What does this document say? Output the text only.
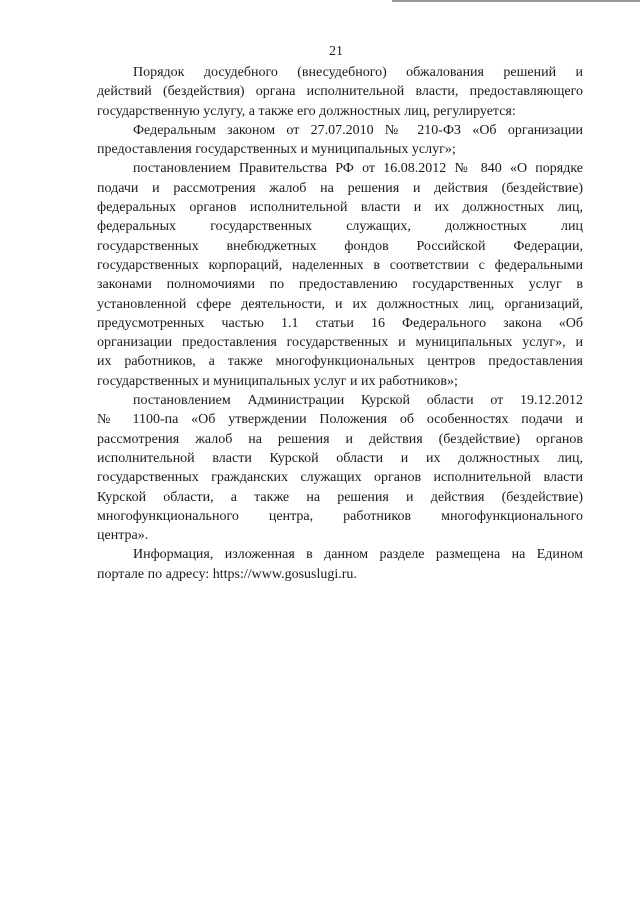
21
Порядок досудебного (внесудебного) обжалования решений и
действий (бездействия) органа исполнительной власти, предоставляющего
государственную услугу, а также его должностных лиц, регулируется:
Федеральным законом от 27.07.2010 № 210-ФЗ «Об организации
предоставления государственных и муниципальных услуг»;
постановлением Правительства РФ от 16.08.2012 № 840 «О порядке
подачи и рассмотрения жалоб на решения и действия (бездействие)
федеральных органов исполнительной власти и их должностных лиц,
федеральных государственных служащих, должностных лиц
государственных внебюджетных фондов Российской Федерации,
государственных корпораций, наделенных в соответствии с федеральными
законами полномочиями по предоставлению государственных услуг в
установленной сфере деятельности, и их должностных лиц, организаций,
предусмотренных частью 1.1 статьи 16 Федерального закона «Об
организации предоставления государственных и муниципальных услуг», и
их работников, а также многофункциональных центров предоставления
государственных и муниципальных услуг и их работников»;
постановлением Администрации Курской области от 19.12.2012
№ 1100-па «Об утверждении Положения об особенностях подачи и
рассмотрения жалоб на решения и действия (бездействие) органов
исполнительной власти Курской области и их должностных лиц,
государственных гражданских служащих органов исполнительной власти
Курской области, а также на решения и действия (бездействие)
многофункционального центра, работников многофункционального
центра».
Информация, изложенная в данном разделе размещена на Едином
портале по адресу: https://www.gosuslugi.ru.
